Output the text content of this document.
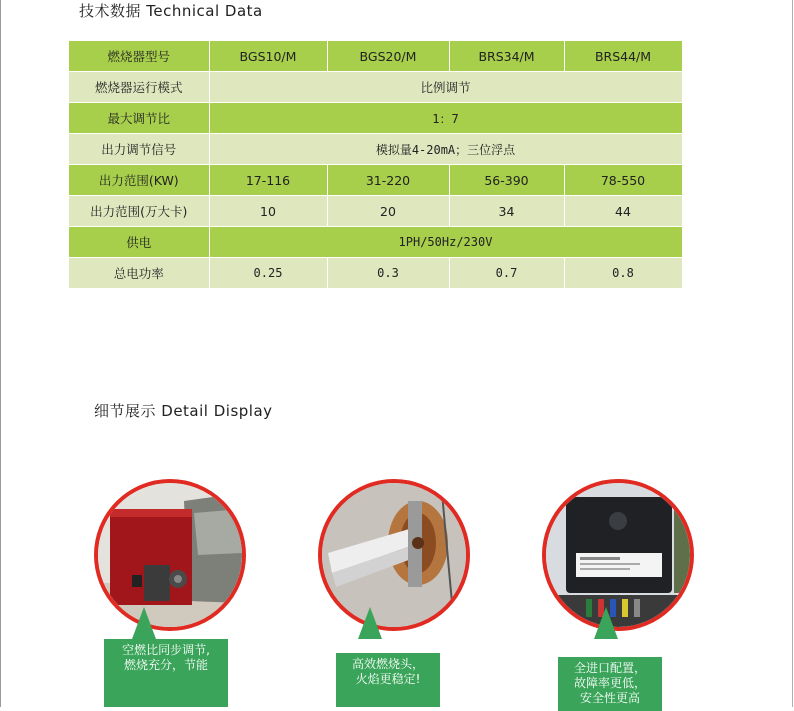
技术数据 Technical Data
燃烧器型号	BGS10/M	BGS20/M	BRS34/M	BRS44/M
燃烧器运行模式	比例调节			
最大调节比	1：7			
出力调节信号	模拟量4-20mA；三位浮点			
出力范围(KW)	17-116	31-220	56-390	78-550
出力范围(万大卡)	10	20	34	44
供电	1PH/50Hz/230V			
总电功率	0.25	0.3	0.7	0.8
细节展示 Detail Display
空燃比同步调节,
燃烧充分，节能	高效燃烧头，
火焰更稳定!
全进口配置，
故障率更低，
安全性更高
